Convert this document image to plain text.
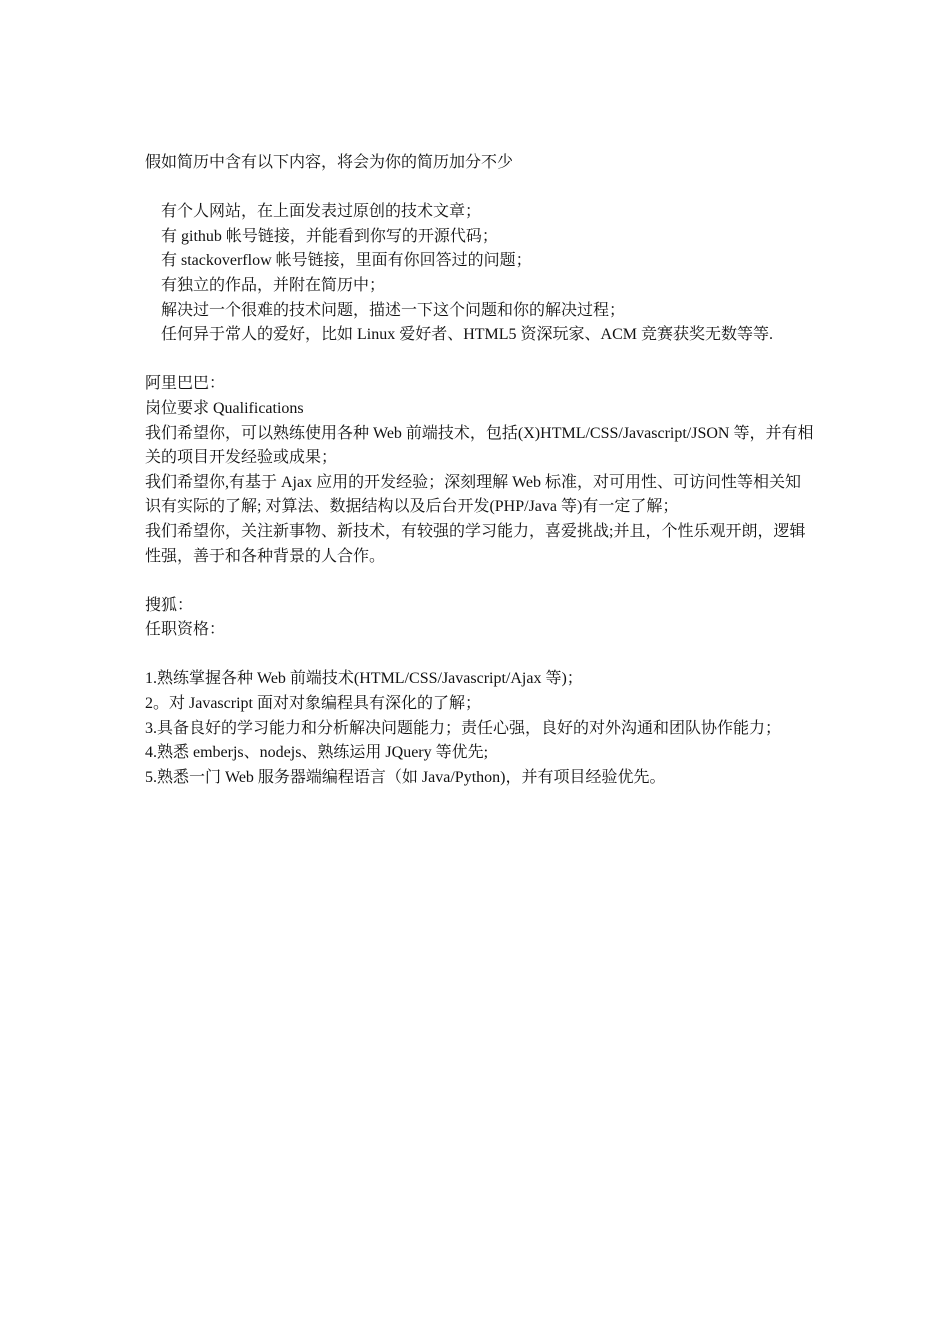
假如简历中含有以下内容，将会为你的简历加分不少
有个人网站，在上面发表过原创的技术文章；
有 github 帐号链接，并能看到你写的开源代码；
有 stackoverflow 帐号链接，里面有你回答过的问题；
有独立的作品，并附在简历中；
解决过一个很难的技术问题，描述一下这个问题和你的解决过程；
任何异于常人的爱好，比如 Linux 爱好者、HTML5 资深玩家、ACM 竞赛获奖无数等等.
阿里巴巴：
岗位要求 Qualifications
我们希望你，可以熟练使用各种 Web 前端技术，包括(X)HTML/CSS/Javascript/JSON 等，并有相关的项目开发经验或成果；
我们希望你,有基于 Ajax 应用的开发经验；深刻理解 Web 标准，对可用性、可访问性等相关知识有实际的了解; 对算法、数据结构以及后台开发(PHP/Java 等)有一定了解；
我们希望你，关注新事物、新技术，有较强的学习能力，喜爱挑战;并且，个性乐观开朗，逻辑性强，善于和各种背景的人合作。
搜狐：
任职资格：
1.熟练掌握各种 Web 前端技术(HTML/CSS/Javascript/Ajax 等)；
2。对 Javascript 面对对象编程具有深化的了解；
3.具备良好的学习能力和分析解决问题能力；责任心强，良好的对外沟通和团队协作能力；
4.熟悉 emberjs、nodejs、熟练运用 JQuery 等优先;
5.熟悉一门 Web 服务器端编程语言（如 Java/Python)，并有项目经验优先。
